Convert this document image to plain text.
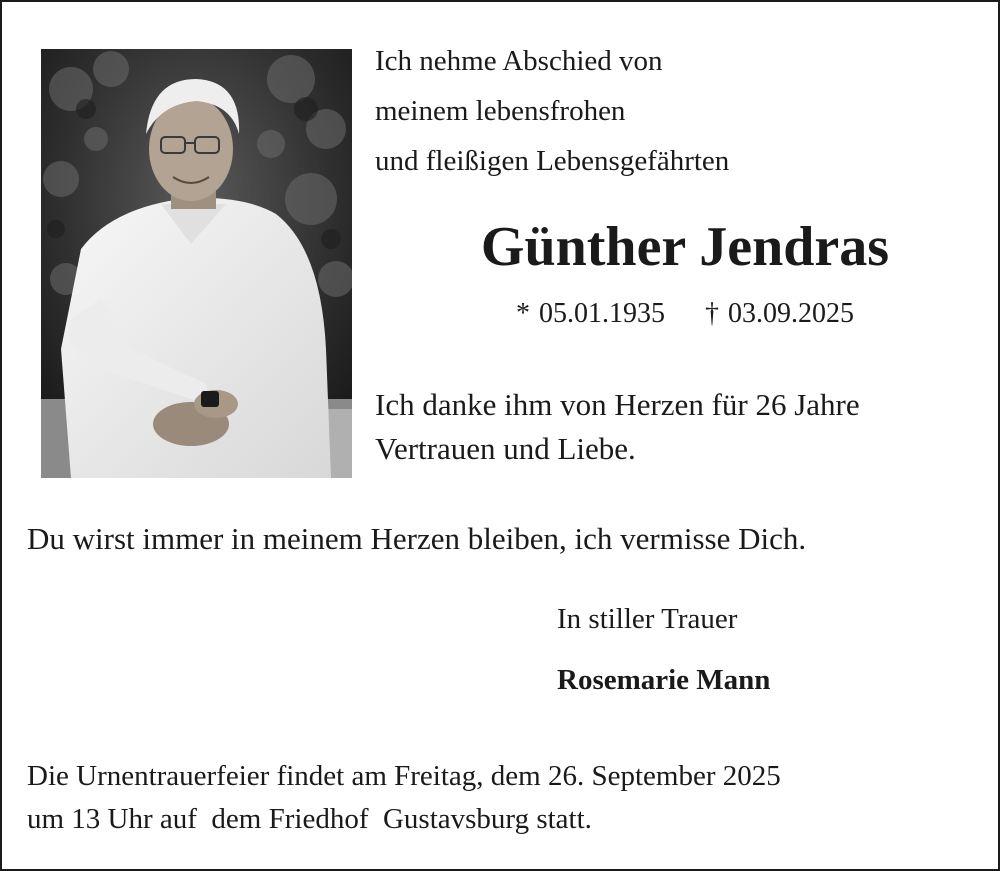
Ich nehme Abschied von
meinem lebensfrohen
und fleißigen Lebensgefährten
Günther Jendras
* 05.01.1935 † 03.09.2025
Ich danke ihm von Herzen für 26 Jahre
Vertrauen und Liebe.
Du wirst immer in meinem Herzen bleiben, ich vermisse Dich.
In stiller Trauer
Rosemarie Mann
Die Urnentrauerfeier findet am Freitag, dem 26. September 2025
um 13 Uhr auf  dem Friedhof  Gustavsburg statt.
